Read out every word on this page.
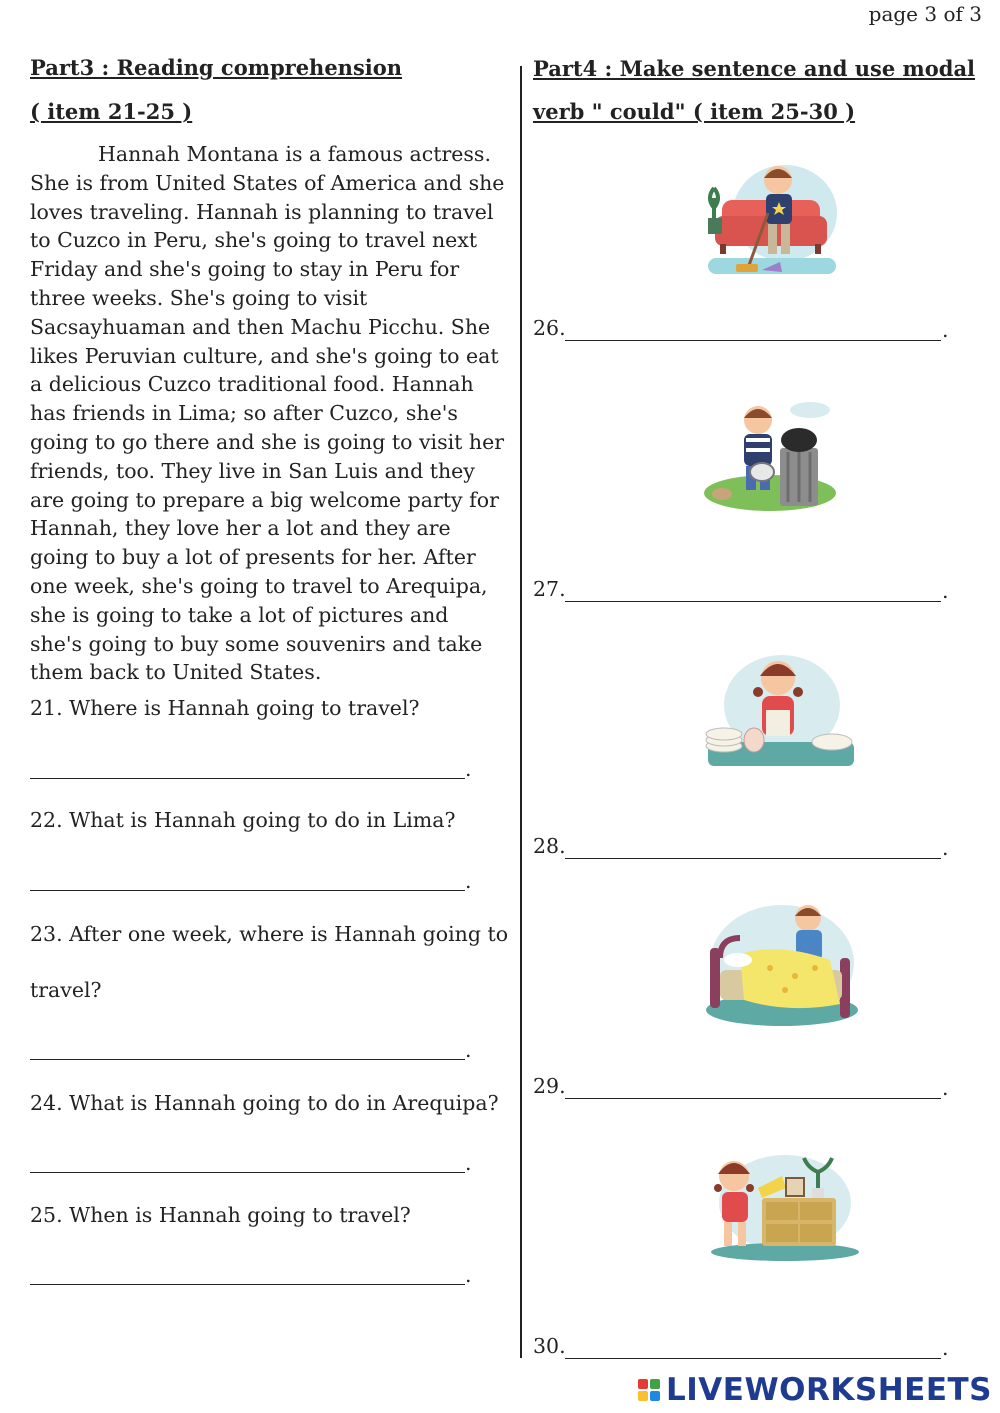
page 3 of 3
Part3 : Reading comprehension
( item 21-25 )

Hannah Montana is a famous actress. She is from United States of America and she loves traveling. Hannah is planning to travel to Cuzco in Peru, she's going to travel next Friday and she's going to stay in Peru for three weeks. She's going to visit Sacsayhuaman and then Machu Picchu. She likes Peruvian culture, and she's going to eat a delicious Cuzco traditional food. Hannah has friends in Lima; so after Cuzco, she's going to go there and she is going to visit her friends, too. They live in San Luis and they are going to prepare a big welcome party for Hannah, they love her a lot and they are going to buy a lot of presents for her. After one week, she's going to travel to Arequipa, she is going to take a lot of pictures and she's going to buy some souvenirs and take them back to United States.

21. Where is Hannah going to travel?
.
22. What is Hannah going to do in Lima?
.
23. After one week, where is Hannah going to
travel?
.
24. What is Hannah going to do in Arequipa?
.
25. When is Hannah going to travel?
.
Part4 : Make sentence and use modal
verb " could" ( item 25-30 )
26.	.
27.	.
28.	.
29.	.
30.	.
LIVEWORKSHEETS
